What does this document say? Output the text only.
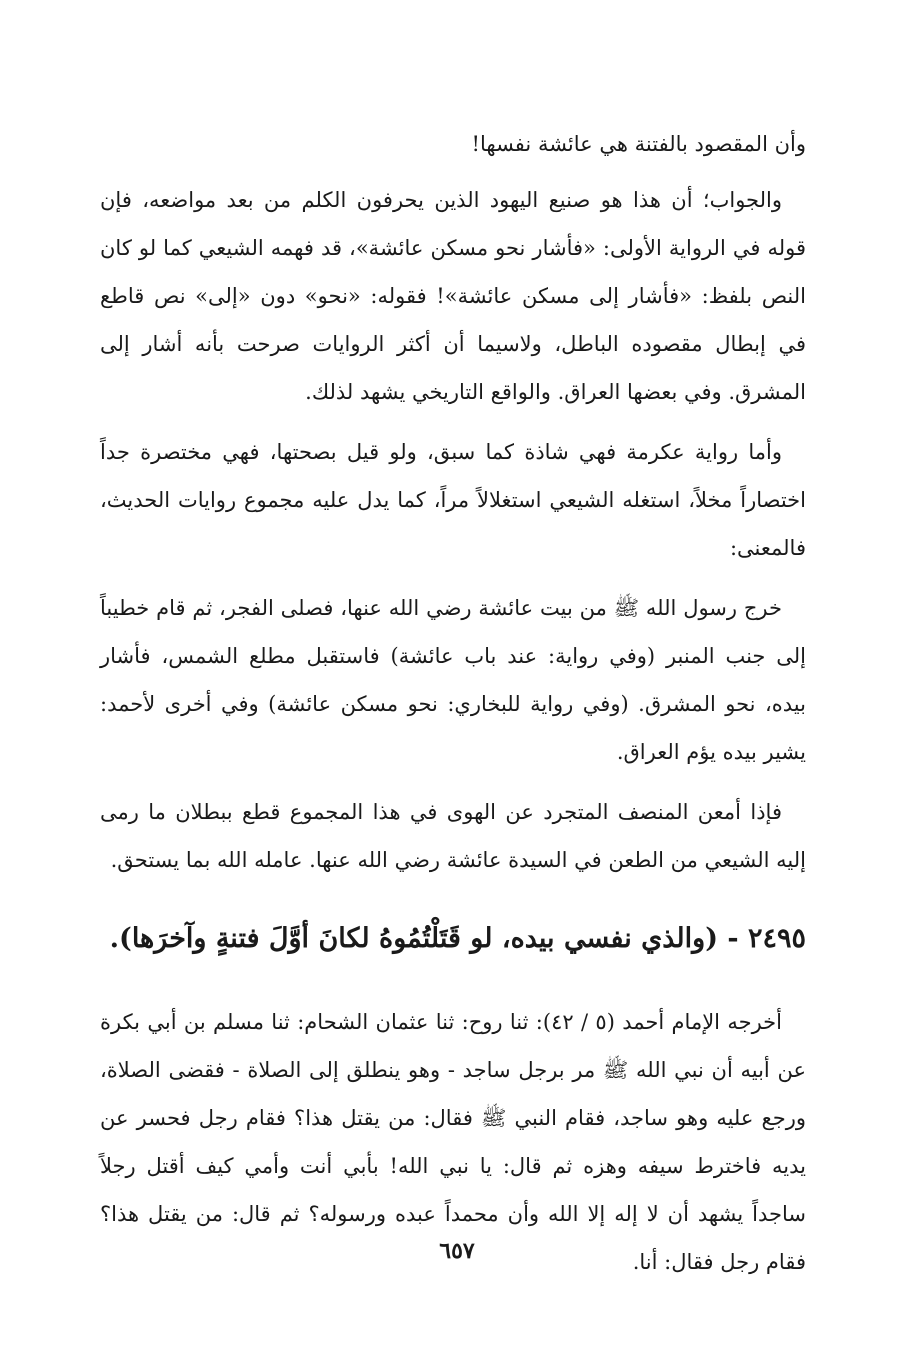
وأن المقصود بالفتنة هي عائشة نفسها!

والجواب؛ أن هذا هو صنيع اليهود الذين يحرفون الكلم من بعد مواضعه، فإن قوله في الرواية الأولى: «فأشار نحو مسكن عائشة»، قد فهمه الشيعي كما لو كان النص بلفظ: «فأشار إلى مسكن عائشة»! فقوله: «نحو» دون «إلى» نص قاطع في إبطال مقصوده الباطل، ولاسيما أن أكثر الروايات صرحت بأنه أشار إلى المشرق. وفي بعضها العراق. والواقع التاريخي يشهد لذلك.

وأما رواية عكرمة فهي شاذة كما سبق، ولو قيل بصحتها، فهي مختصرة جداً اختصاراً مخلاً، استغله الشيعي استغلالاً مراً، كما يدل عليه مجموع روايات الحديث، فالمعنى:

خرج رسول الله ﷺ من بيت عائشة رضي الله عنها، فصلى الفجر، ثم قام خطيباً إلى جنب المنبر (وفي رواية: عند باب عائشة) فاستقبل مطلع الشمس، فأشار بيده، نحو المشرق. (وفي رواية للبخاري: نحو مسكن عائشة) وفي أخرى لأحمد: يشير بيده يؤم العراق.

فإذا أمعن المنصف المتجرد عن الهوى في هذا المجموع قطع ببطلان ما رمى إليه الشيعي من الطعن في السيدة عائشة رضي الله عنها. عامله الله بما يستحق.

٢٤٩٥ - (والذي نفسي بيده، لو قَتَلْتُمُوهُ لكانَ أوَّلَ فتنةٍ وآخرَها).

أخرجه الإمام أحمد (٥ / ٤٢): ثنا روح: ثنا عثمان الشحام: ثنا مسلم بن أبي بكرة عن أبيه أن نبي الله ﷺ مر برجل ساجد - وهو ينطلق إلى الصلاة - فقضى الصلاة، ورجع عليه وهو ساجد، فقام النبي ﷺ فقال: من يقتل هذا؟ فقام رجل فحسر عن يديه فاخترط سيفه وهزه ثم قال: يا نبي الله! بأبي أنت وأمي كيف أقتل رجلاً ساجداً يشهد أن لا إله إلا الله وأن محمداً عبده ورسوله؟ ثم قال: من يقتل هذا؟ فقام رجل فقال: أنا.

٦٥٧
